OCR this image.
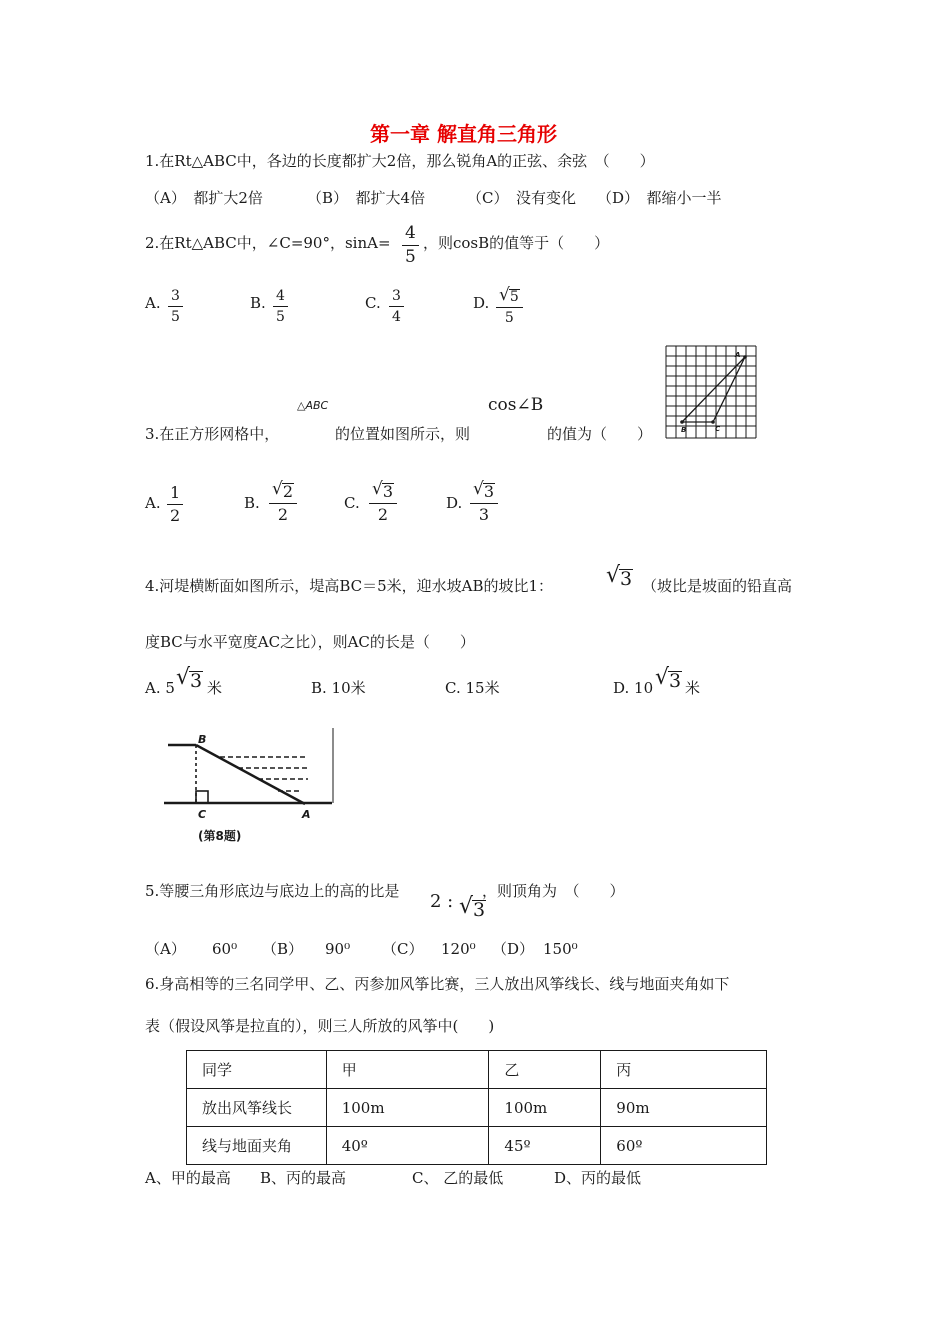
第一章 解直角三角形
1.在Rt△ABC中，各边的长度都扩大2倍，那么锐角A的正弦、余弦　（　　）
（A）　都扩大2倍	（B）　都扩大4倍	（C）　没有变化 （D）　都缩小一半
2.在Rt△ABC中，∠C=90°，sinA= 4
5
，则cosB的值等于（　　）
A. 3
5
B. 4
5
C. 3
4
D. √ 5
5
△ABC	cos∠B
A
B	C
3.在正方形网格中，	的位置如图所示，则	的值为（　　）
A.
1
2
B.
√ 2
2
C.
√ 3
2
D.
√ 3
3
4.河堤横断面如图所示，堤高BC＝5米，迎水坡AB的坡比1： √ 3 （坡比是坡面的铅直高
度BC与水平宽度AC之比），则AC的长是（　　）
A. 5 √ 3 米	B. 10米	C. 15米	D. 10 √ 3 米
B
C	A
(第8题)
5.等腰三角形底边与底边上的高的比是 2 : √ 3
，则顶角为　（　　）
（A） 60⁰ （B） 90⁰ （C） 120⁰ （D） 150⁰
6.身高相等的三名同学甲、乙、丙参加风筝比赛，三人放出风筝线长、线与地面夹角如下
表（假设风筝是拉直的），则三人所放的风筝中(　　)
同学	甲	乙	丙
放出风筝线长	100m	100m	90m
线与地面夹角	40º	45º	60º
A、甲的最高 B、丙的最高	C、 乙的最低	D、丙的最低
